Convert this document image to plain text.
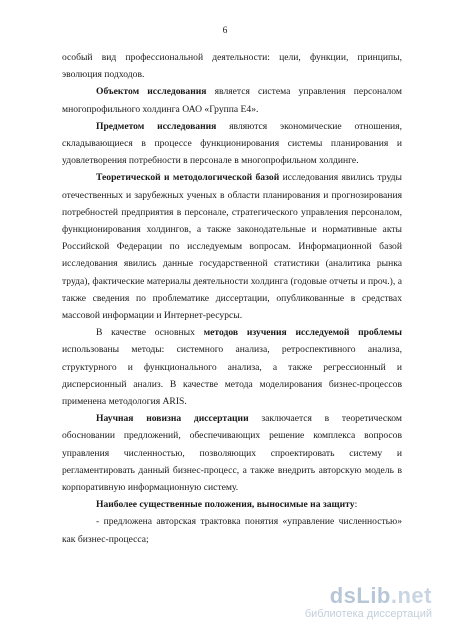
6

особый вид профессиональной деятельности: цели, функции, принципы, эволюция подходов.

Объектом исследования является система управления персоналом многопрофильного холдинга ОАО «Группа Е4».

Предметом исследования являются экономические отношения, складывающиеся в процессе функционирования системы планирования и удовлетворения потребности в персонале в многопрофильном холдинге.

Теоретической и методологической базой исследования явились труды отечественных и зарубежных ученых в области планирования и прогнозирования потребностей предприятия в персонале, стратегического управления персоналом, функционирования холдингов, а также законодательные и нормативные акты Российской Федерации по исследуемым вопросам. Информационной базой исследования явились данные государственной статистики (аналитика рынка труда), фактические материалы деятельности холдинга (годовые отчеты и проч.), а также сведения по проблематике диссертации, опубликованные в средствах массовой информации и Интернет-ресурсы.

В качестве основных методов изучения исследуемой проблемы использованы методы: системного анализа, ретроспективного анализа, структурного и функционального анализа, а также регрессионный и дисперсионный анализ. В качестве метода моделирования бизнес-процессов применена методология ARIS.

Научная новизна диссертации заключается в теоретическом обосновании предложений, обеспечивающих решение комплекса вопросов управления численностью, позволяющих спроектировать систему и регламентировать данный бизнес-процесс, а также внедрить авторскую модель в корпоративную информационную систему.

Наиболее существенные положения, выносимые на защиту:

- предложена авторская трактовка понятия «управление численностью» как бизнес-процесса;

dsLib.net
библиотека диссертаций
